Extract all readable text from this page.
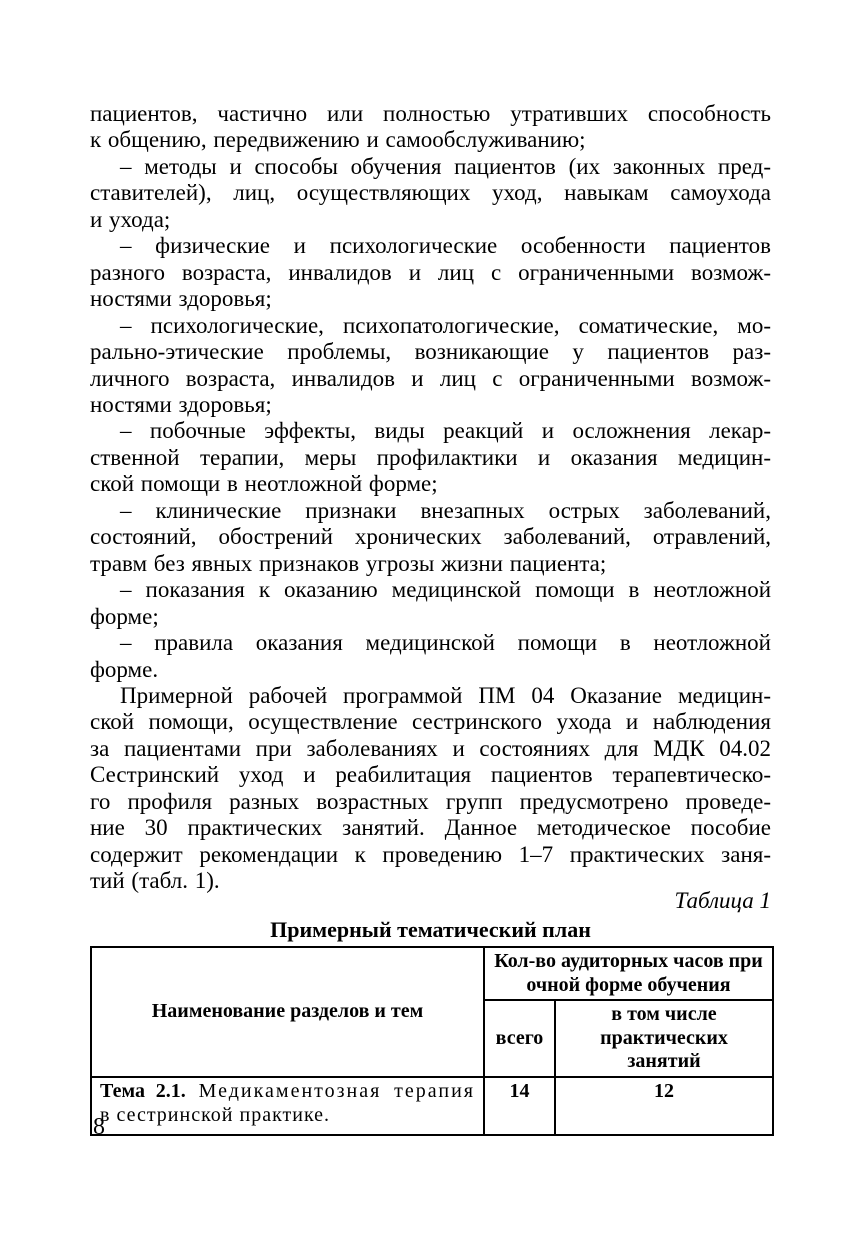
пациентов, частично или полностью утративших способность
к общению, передвижению и самообслуживанию;
– методы и способы обучения пациентов (их законных пред-
ставителей), лиц, осуществляющих уход, навыкам самоухода
и ухода;
– физические и психологические особенности пациентов
разного возраста, инвалидов и лиц с ограниченными возмож-
ностями здоровья;
– психологические, психопатологические, соматические, мо-
рально-этические проблемы, возникающие у пациентов раз-
личного возраста, инвалидов и лиц с ограниченными возмож-
ностями здоровья;
– побочные эффекты, виды реакций и осложнения лекар-
ственной терапии, меры профилактики и оказания медицин-
ской помощи в неотложной форме;
– клинические признаки внезапных острых заболеваний,
состояний, обострений хронических заболеваний, отравлений,
травм без явных признаков угрозы жизни пациента;
– показания к оказанию медицинской помощи в неотложной
форме;
– правила оказания медицинской помощи в неотложной
форме.
Примерной рабочей программой ПМ 04 Оказание медицин-
ской помощи, осуществление сестринского ухода и наблюдения
за пациентами при заболеваниях и состояниях для МДК 04.02
Сестринский уход и реабилитация пациентов терапевтическо-
го профиля разных возрастных групп предусмотрено проведе-
ние 30 практических занятий. Данное методическое пособие
содержит рекомендации к проведению 1–7 практических заня-
тий (табл. 1).
Таблица 1
Примерный тематический план
Наименование разделов и тем	Кол-во аудиторных часов при очной форме обучения	
	всего	в том числе практических занятий

Тема 2.1. Медикаментозная терапия
в сестринской практике.	14	12
8
